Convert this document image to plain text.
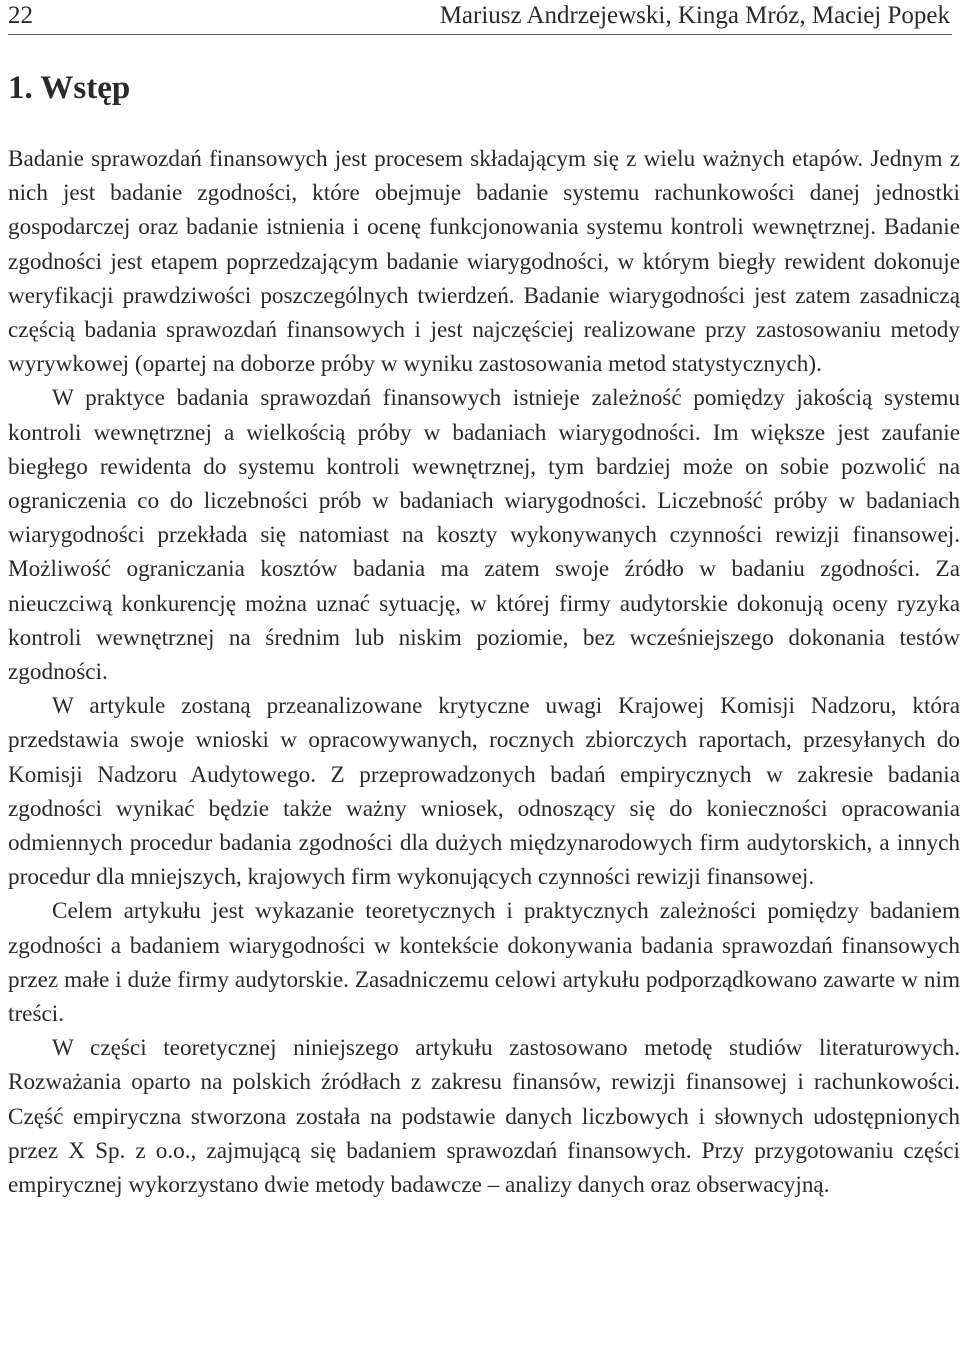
22	Mariusz Andrzejewski, Kinga Mróz, Maciej Popek
1. Wstęp

Badanie sprawozdań finansowych jest procesem składającym się z wielu ważnych etapów. Jednym z nich jest badanie zgodności, które obejmuje badanie systemu rachunkowości danej jednostki gospodarczej oraz badanie istnienia i ocenę funkcjonowania systemu kontroli wewnętrznej. Badanie zgodności jest etapem poprzedzającym badanie wiarygodności, w którym biegły rewident dokonuje weryfikacji prawdziwości poszczególnych twierdzeń. Badanie wiarygodności jest zatem zasadniczą częścią badania sprawozdań finansowych i jest najczęściej realizowane przy zastosowaniu metody wyrywkowej (opartej na doborze próby w wyniku zastosowania metod statystycznych).

W praktyce badania sprawozdań finansowych istnieje zależność pomiędzy jakością systemu kontroli wewnętrznej a wielkością próby w badaniach wiarygodności. Im większe jest zaufanie biegłego rewidenta do systemu kontroli wewnętrznej, tym bardziej może on sobie pozwolić na ograniczenia co do liczebności prób w badaniach wiarygodności. Liczebność próby w badaniach wiarygodności przekłada się natomiast na koszty wykonywanych czynności rewizji finansowej. Możliwość ograniczania kosztów badania ma zatem swoje źródło w badaniu zgodności. Za nieuczciwą konkurencję można uznać sytuację, w której firmy audytorskie dokonują oceny ryzyka kontroli wewnętrznej na średnim lub niskim poziomie, bez wcześniejszego dokonania testów zgodności.

W artykule zostaną przeanalizowane krytyczne uwagi Krajowej Komisji Nadzoru, która przedstawia swoje wnioski w opracowywanych, rocznych zbiorczych raportach, przesyłanych do Komisji Nadzoru Audytowego. Z przeprowadzonych badań empirycznych w zakresie badania zgodności wynikać będzie także ważny wniosek, odnoszący się do konieczności opracowania odmiennych procedur badania zgodności dla dużych międzynarodowych firm audytorskich, a innych procedur dla mniejszych, krajowych firm wykonujących czynności rewizji finansowej.

Celem artykułu jest wykazanie teoretycznych i praktycznych zależności pomiędzy badaniem zgodności a badaniem wiarygodności w kontekście dokonywania badania sprawozdań finansowych przez małe i duże firmy audytorskie. Zasadniczemu celowi artykułu podporządkowano zawarte w nim treści.

W części teoretycznej niniejszego artykułu zastosowano metodę studiów literaturowych. Rozważania oparto na polskich źródłach z zakresu finansów, rewizji finansowej i rachunkowości. Część empiryczna stworzona została na podstawie danych liczbowych i słownych udostępnionych przez X Sp. z o.o., zajmującą się badaniem sprawozdań finansowych. Przy przygotowaniu części empirycznej wykorzystano dwie metody badawcze – analizy danych oraz obserwacyjną.
